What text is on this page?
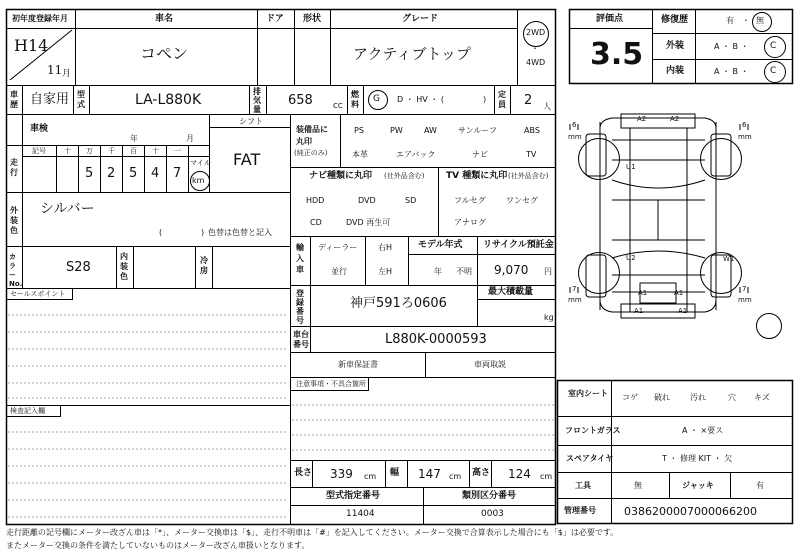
初年度登録年月	車名	ドア 形状	グレード
H14
11 月
コペン	アクティブトップ
2WD
・
4WD
評価点
3.5
修復歴	有 ・ 無
外装	A ・ B ・ C
内装	A ・ B ・ C
車歴 自家用 型式	LA-L880K
排気量
658	CC
燃料
G D ・ HV ・ (	)
定員 2 人
車検
年	月
走行
記号	十 万 千 百 十 一
5 2 5 4 7
マイル
km
シフト
FAT
外装色
シルバー
(	) 色替は色替と記入
カラーNo.
S28
内装色
冷房
セールスポイント
検査記入欄
装備品に
丸印
(純正のみ)
PS	PW	AW	サンルーフ	ABS
本革	エアバック	ナビ	TV
ナビ種類に丸印 (社外品含む)
HDD	DVD	SD
CD	DVD 再生可
TV 種類に丸印 (社外品含む)
フルセグ	ワンセグ
アナログ
輸入車
ディーラー
並行
右H
左H
モデル年式
年 不明
リサイクル預託金
9,070 円
登録番号
神戸591ろ0606
最大積載量
kg
車台番号	L880K-0000593
新車保証書	車両取説
注意事項・不具合箇所
長さ 339 cm 幅 147 cm 高さ 124 cm
型式指定番号
11404
類別区分番号
0003
A2	A2
U1
U2	W1
A1	A1
A1	A1
6
mm
6
mm
7
mm
7
mm
室内シート コゲ 破れ	汚れ	穴 キズ
フロントガラス	A ・ ×要ス
スペアタイヤ	T ・ 修理 KIT ・ 欠
工具	無	ジャッキ	有
管理番号	0386200007000066200
走行距離の記号欄にメーター改ざん車は「*」、メーター交換車は「$」、走行不明車は「#」を記入してください。メーター交換で合算表示した場合にも「$」は必要です。
またメーター交換の条件を満たしていないものはメーター改ざん車扱いとなります。
